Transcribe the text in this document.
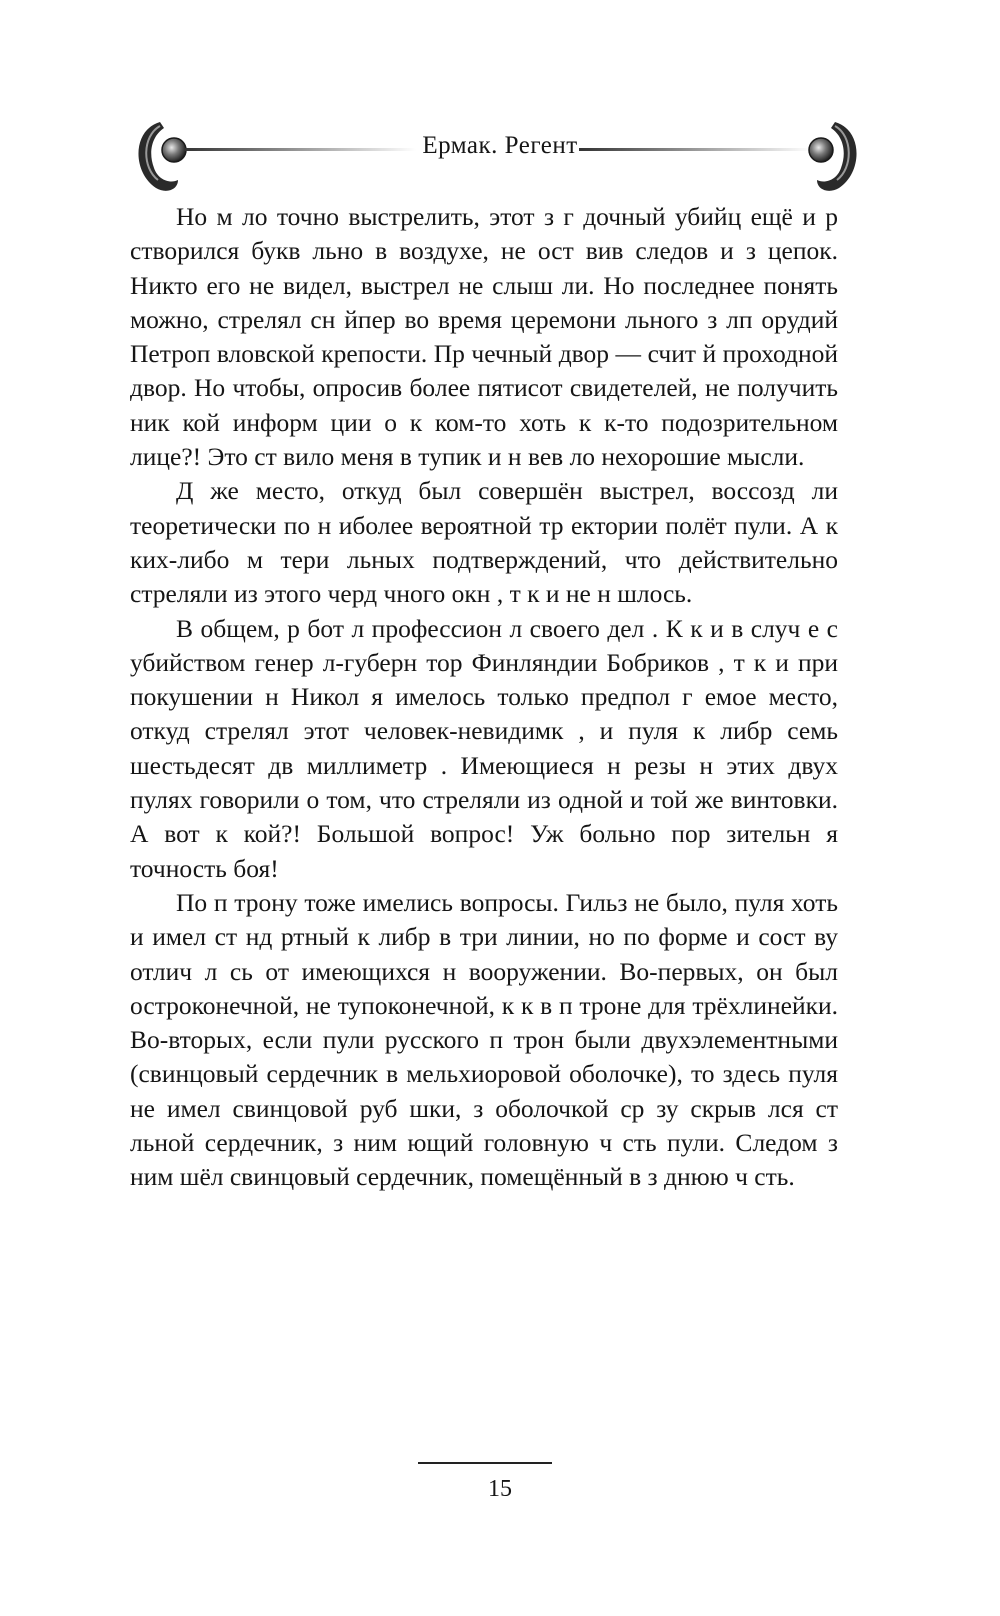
Ермак. Регент

Но м ло точно выстрелить, этот з г дочный убийц ещё и р створился букв льно в воздухе, не ост вив следов и з цепок. Никто его не видел, выстрел не слыш ли. Но последнее понять можно, стрелял сн йпер во время церемони льного з лп орудий Петроп вловской крепости. Пр чечный двор — счит й проходной двор. Но чтобы, опросив более пятисот свидетелей, не получить ник кой информ ции о к ком-то хоть к к-то подозрительном лице?! Это ст вило меня в тупик и н вев ло нехорошие мысли.

Д же место, откуд был совершён выстрел, воссозд ли теоретически по н иболее вероятной тр ектории полёт пули. А к ких-либо м тери льных подтверждений, что действительно стреляли из этого черд чного окн , т к и не н шлось.

В общем, р бот л профессион л своего дел . К к и в случ е с убийством генер л-губерн тор Финляндии Бобриков , т к и при покушении н Никол я имелось только предпол г емое место, откуд стрелял этот человек-невидимк , и пуля к либр семь шестьдесят дв миллиметр . Имеющиеся н резы н этих двух пулях говорили о том, что стреляли из одной и той же винтовки. А вот к кой?! Большой вопрос! Уж больно пор зительн я точность боя!

По п трону тоже имелись вопросы. Гильз не было, пуля хоть и имел ст нд ртный к либр в три линии, но по форме и сост ву отлич л сь от имеющихся н вооружении. Во-первых, он был остроконечной, не тупоконечной, к к в п троне для трёхлинейки. Во-вторых, если пули русского п трон были двухэлементными (свинцовый сердечник в мельхиоровой оболочке), то здесь пуля не имел свинцовой руб шки, з оболочкой ср зу скрыв лся ст льной сердечник, з ним ющий головную ч сть пули. Следом з ним шёл свинцовый сердечник, помещённый в з днюю ч сть.

15
